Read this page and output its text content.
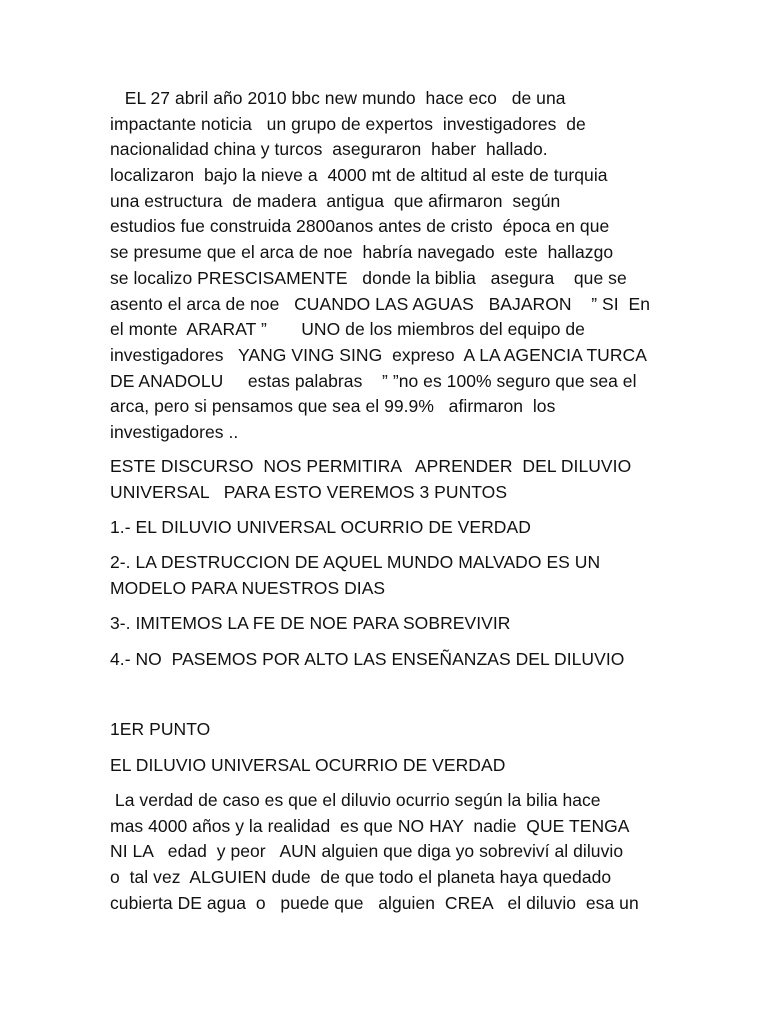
EL 27 abril año 2010 bbc new mundo  hace eco   de una
impactante noticia   un grupo de expertos  investigadores  de
nacionalidad china y turcos  aseguraron  haber  hallado.
localizaron  bajo la nieve a  4000 mt de altitud al este de turquia
una estructura  de madera  antigua  que afirmaron  según
estudios fue construida 2800anos antes de cristo  época en que
se presume que el arca de noe  habría navegado  este  hallazgo
se localizo PRESCISAMENTE   donde la biblia   asegura    que se
asento el arca de noe   CUANDO LAS AGUAS   BAJARON    ” SI  En
el monte  ARARAT ”       UNO de los miembros del equipo de
investigadores   YANG VING SING  expreso  A LA AGENCIA TURCA
DE ANADOLU     estas palabras    ” ”no es 100% seguro que sea el
arca, pero si pensamos que sea el 99.9%   afirmaron  los
investigadores ..
ESTE DISCURSO  NOS PERMITIRA   APRENDER  DEL DILUVIO
UNIVERSAL   PARA ESTO VEREMOS 3 PUNTOS
1.- EL DILUVIO UNIVERSAL OCURRIO DE VERDAD
2-. LA DESTRUCCION DE AQUEL MUNDO MALVADO ES UN
MODELO PARA NUESTROS DIAS
3-. IMITEMOS LA FE DE NOE PARA SOBREVIVIR
4.- NO  PASEMOS POR ALTO LAS ENSEÑANZAS DEL DILUVIO
1ER PUNTO
EL DILUVIO UNIVERSAL OCURRIO DE VERDAD
La verdad de caso es que el diluvio ocurrio según la bilia hace
mas 4000 años y la realidad  es que NO HAY  nadie  QUE TENGA
NI LA   edad  y peor   AUN alguien que diga yo sobreviví al diluvio
o  tal vez  ALGUIEN dude  de que todo el planeta haya quedado
cubierta DE agua  o   puede que   alguien  CREA   el diluvio  esa un
